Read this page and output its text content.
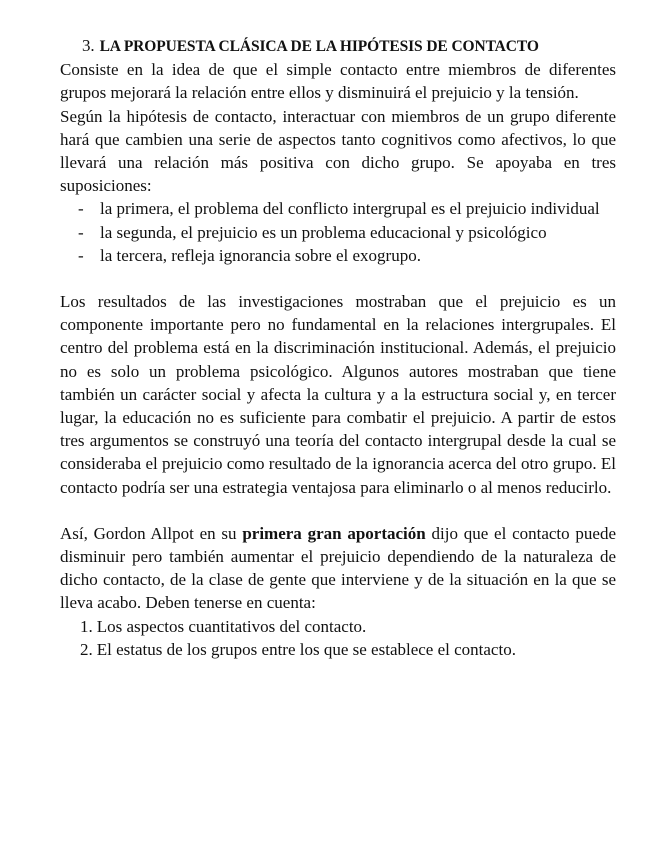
3. LA PROPUESTA CLÁSICA DE LA HIPÓTESIS DE CONTACTO

Consiste en la idea de que el simple contacto entre miembros de diferentes grupos mejorará la relación entre ellos y disminuirá el prejuicio y la tensión.

Según la hipótesis de contacto, interactuar con miembros de un grupo diferente hará que cambien una serie de aspectos tanto cognitivos como afectivos, lo que llevará una relación más positiva con dicho grupo. Se apoyaba en tres suposiciones:

- la primera, el problema del conflicto intergrupal es el prejuicio individual
- la segunda, el prejuicio es un problema educacional y psicológico
- la tercera, refleja ignorancia sobre el exogrupo.

Los resultados de las investigaciones mostraban que el prejuicio es un componente importante pero no fundamental en la relaciones intergrupales. El centro del problema está en la discriminación institucional. Además, el prejuicio no es solo un problema psicológico. Algunos autores mostraban que tiene también un carácter social y afecta la cultura y a la estructura social y, en tercer lugar, la educación no es suficiente para combatir el prejuicio. A partir de estos tres argumentos se construyó una teoría del contacto intergrupal desde la cual se consideraba el prejuicio como resultado de la ignorancia acerca del otro grupo. El contacto podría ser una estrategia ventajosa para eliminarlo o al menos reducirlo.

Así, Gordon Allpot en su primera gran aportación dijo que el contacto puede disminuir pero también aumentar el prejuicio dependiendo de la naturaleza de dicho contacto, de la clase de gente que interviene y de la situación en la que se lleva acabo. Deben tenerse en cuenta:

1. Los aspectos cuantitativos del contacto.
2. El estatus de los grupos entre los que se establece el contacto.
